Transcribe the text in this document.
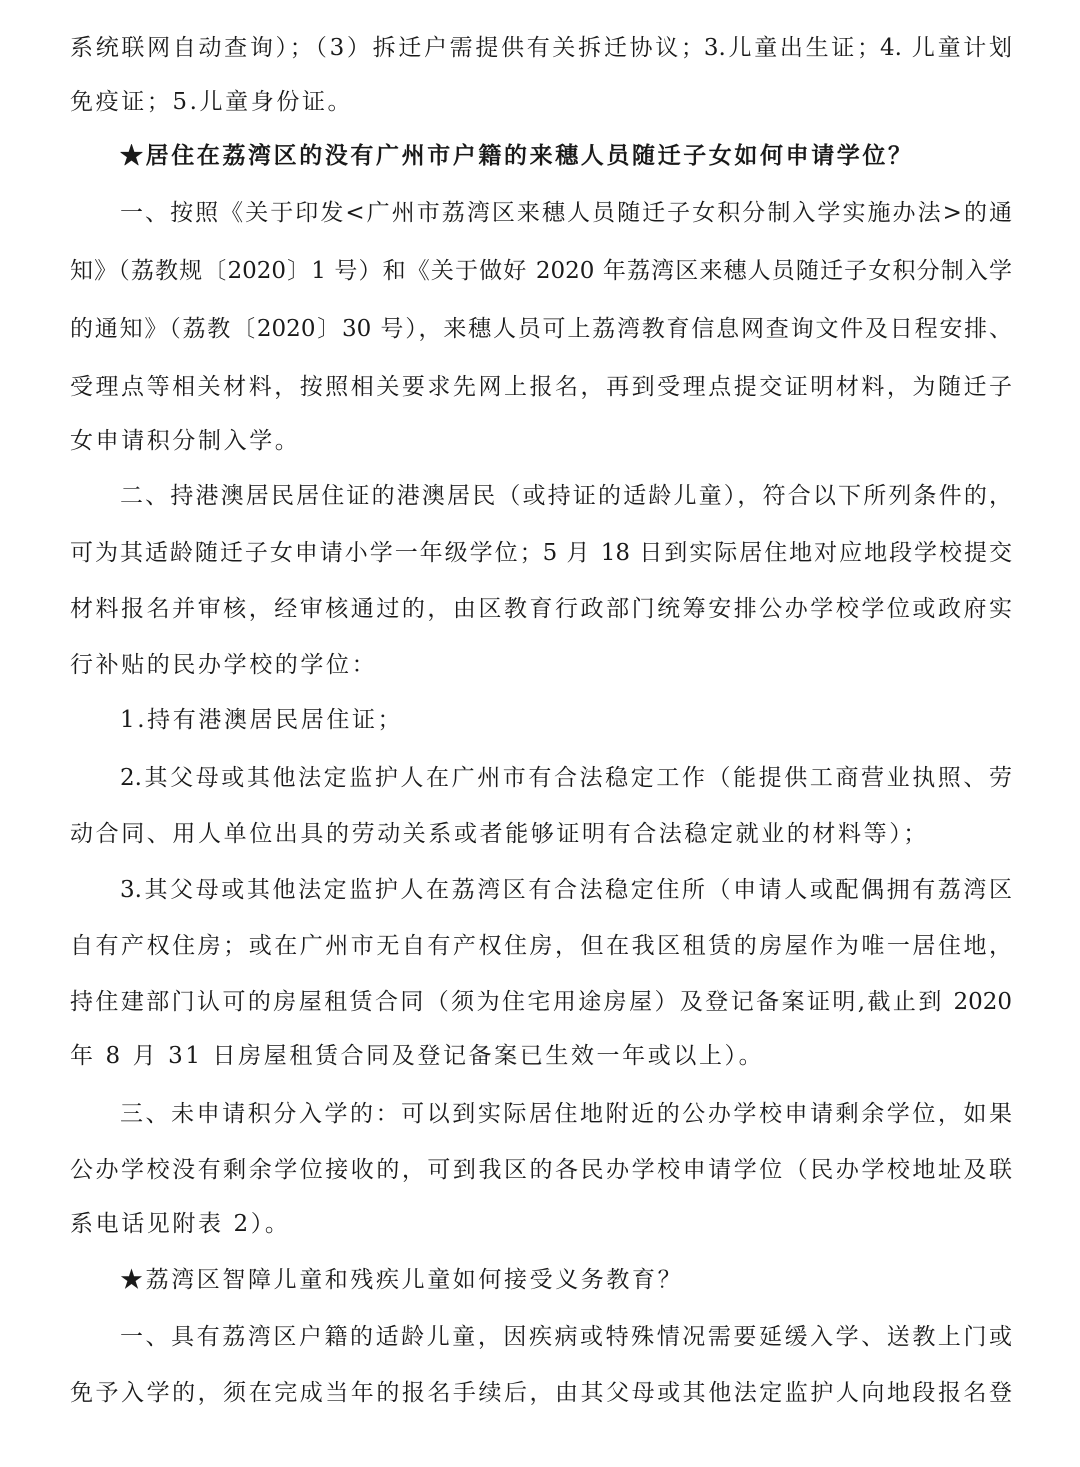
系统联网自动查询）；（3）拆迁户需提供有关拆迁协议；3.儿童出生证；4. 儿童计划
免疫证；5.儿童身份证。
★居住在荔湾区的没有广州市户籍的来穗人员随迁子女如何申请学位？
一、按照《关于印发<广州市荔湾区来穗人员随迁子女积分制入学实施办法>的通
知》（荔教规〔2020〕1 号）和《关于做好 2020 年荔湾区来穗人员随迁子女积分制入学
的通知》（荔教〔2020〕30 号），来穗人员可上荔湾教育信息网查询文件及日程安排、
受理点等相关材料，按照相关要求先网上报名，再到受理点提交证明材料，为随迁子
女申请积分制入学。
二、持港澳居民居住证的港澳居民（或持证的适龄儿童），符合以下所列条件的，
可为其适龄随迁子女申请小学一年级学位；5 月 18 日到实际居住地对应地段学校提交
材料报名并审核，经审核通过的，由区教育行政部门统筹安排公办学校学位或政府实
行补贴的民办学校的学位：
1.持有港澳居民居住证；
2.其父母或其他法定监护人在广州市有合法稳定工作（能提供工商营业执照、劳
动合同、用人单位出具的劳动关系或者能够证明有合法稳定就业的材料等）；
3.其父母或其他法定监护人在荔湾区有合法稳定住所（申请人或配偶拥有荔湾区
自有产权住房；或在广州市无自有产权住房，但在我区租赁的房屋作为唯一居住地，
持住建部门认可的房屋租赁合同（须为住宅用途房屋）及登记备案证明,截止到 2020
年 8 月 31 日房屋租赁合同及登记备案已生效一年或以上）。
三、未申请积分入学的：可以到实际居住地附近的公办学校申请剩余学位，如果
公办学校没有剩余学位接收的，可到我区的各民办学校申请学位（民办学校地址及联
系电话见附表 2）。
★荔湾区智障儿童和残疾儿童如何接受义务教育？
一、具有荔湾区户籍的适龄儿童，因疾病或特殊情况需要延缓入学、送教上门或
免予入学的，须在完成当年的报名手续后，由其父母或其他法定监护人向地段报名登
